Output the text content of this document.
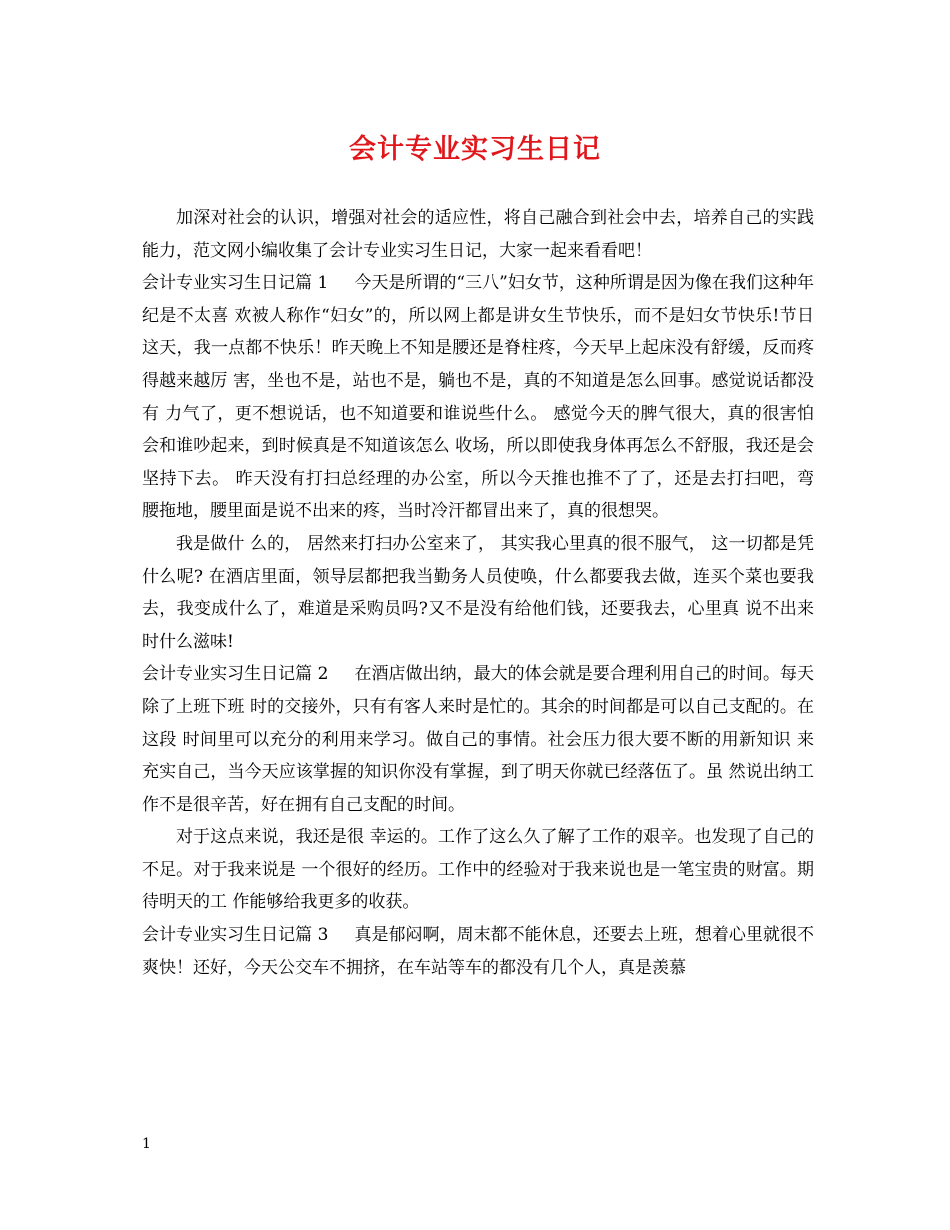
会计专业实习生日记

加深对社会的认识，增强对社会的适应性，将自己融合到社会中去，培养自己的实践能力，范文网小编收集了会计专业实习生日记，大家一起来看看吧！

会计专业实习生日记篇 1 今天是所谓的“三八”妇女节，这种所谓是因为像在我们这种年纪是不太喜 欢被人称作“妇女”的，所以网上都是讲女生节快乐，而不是妇女节快乐!节日 这天，我一点都不快乐！昨天晚上不知是腰还是脊柱疼，今天早上起床没有舒缓，反而疼得越来越厉 害，坐也不是，站也不是，躺也不是，真的不知道是怎么回事。感觉说话都没有 力气了，更不想说话，也不知道要和谁说些什么。 感觉今天的脾气很大，真的很害怕会和谁吵起来，到时候真是不知道该怎么 收场，所以即使我身体再怎么不舒服，我还是会坚持下去。 昨天没有打扫总经理的办公室，所以今天推也推不了了，还是去打扫吧，弯 腰拖地，腰里面是说不出来的疼，当时冷汗都冒出来了，真的很想哭。

我是做什 么的， 居然来打扫办公室来了， 其实我心里真的很不服气， 这一切都是凭什么呢? 在酒店里面，领导层都把我当勤务人员使唤，什么都要我去做，连买个菜也要我 去，我变成什么了，难道是采购员吗?又不是没有给他们钱，还要我去，心里真 说不出来时什么滋味!

会计专业实习生日记篇 2 在酒店做出纳，最大的体会就是要合理利用自己的时间。每天除了上班下班 时的交接外，只有有客人来时是忙的。其余的时间都是可以自己支配的。在这段 时间里可以充分的利用来学习。做自己的事情。社会压力很大要不断的用新知识 来充实自己，当今天应该掌握的知识你没有掌握，到了明天你就已经落伍了。虽 然说出纳工作不是很辛苦，好在拥有自己支配的时间。

对于这点来说，我还是很 幸运的。工作了这么久了解了工作的艰辛。也发现了自己的不足。对于我来说是 一个很好的经历。工作中的经验对于我来说也是一笔宝贵的财富。期待明天的工 作能够给我更多的收获。

会计专业实习生日记篇 3 真是郁闷啊，周末都不能休息，还要去上班，想着心里就很不爽快！还好，今天公交车不拥挤，在车站等车的都没有几个人，真是羡慕

1
